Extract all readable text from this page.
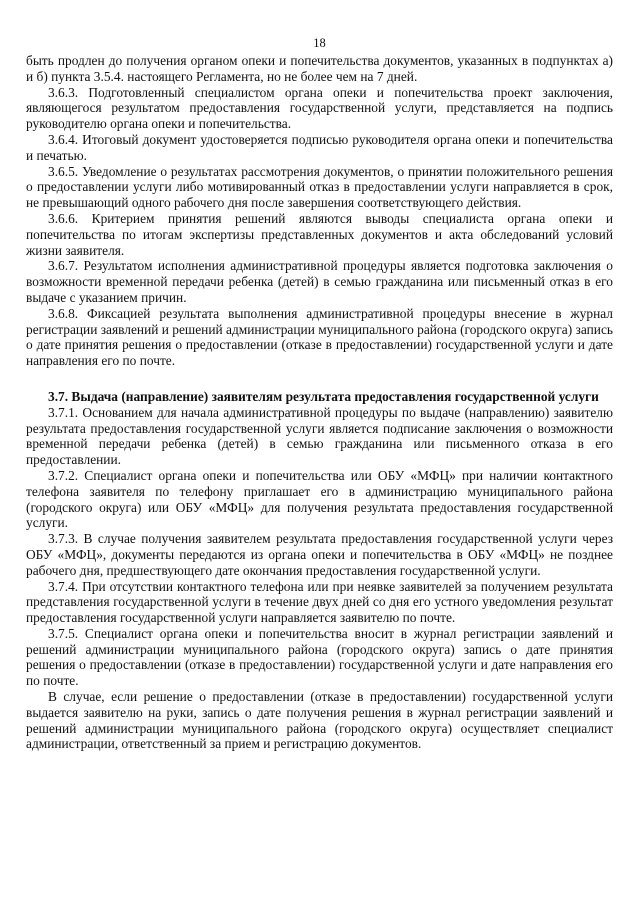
18

быть продлен до получения органом опеки и попечительства документов, указанных в подпунктах а) и б) пункта 3.5.4. настоящего Регламента, но не более чем на 7 дней.

3.6.3. Подготовленный специалистом органа опеки и попечительства проект заключения, являющегося результатом предоставления государственной услуги, представляется на подпись руководителю органа опеки и попечительства.

3.6.4. Итоговый документ удостоверяется подписью руководителя органа опеки и попечительства и печатью.

3.6.5. Уведомление о результатах рассмотрения документов, о принятии положительного решения о предоставлении услуги либо мотивированный отказ в предоставлении услуги направляется в срок, не превышающий одного рабочего дня после завершения соответствующего действия.

3.6.6. Критерием принятия решений являются выводы специалиста органа опеки и попечительства по итогам экспертизы представленных документов и акта обследований условий жизни заявителя.

3.6.7. Результатом исполнения административной процедуры является подготовка заключения о возможности временной передачи ребенка (детей) в семью гражданина или письменный отказ в его выдаче с указанием причин.

3.6.8. Фиксацией результата выполнения административной процедуры внесение в журнал регистрации заявлений и решений администрации муниципального района (городского округа) запись о дате принятия решения о предоставлении (отказе в предоставлении) государственной услуги и дате направления его по почте.

3.7. Выдача (направление) заявителям результата предоставления государственной услуги

3.7.1. Основанием для начала административной процедуры по выдаче (направлению) заявителю результата предоставления государственной услуги является подписание заключения о возможности временной передачи ребенка (детей) в семью гражданина или письменного отказа в его предоставлении.

3.7.2. Специалист органа опеки и попечительства или ОБУ «МФЦ» при наличии контактного телефона заявителя по телефону приглашает его в администрацию муниципального района (городского округа) или ОБУ «МФЦ» для получения результата предоставления государственной услуги.

3.7.3. В случае получения заявителем результата предоставления государственной услуги через ОБУ «МФЦ», документы передаются из органа опеки и попечительства в ОБУ «МФЦ» не позднее рабочего дня, предшествующего дате окончания предоставления государственной услуги.

3.7.4. При отсутствии контактного телефона или при неявке заявителей за получением результата представления государственной услуги в течение двух дней со дня его устного уведомления результат предоставления государственной услуги направляется заявителю по почте.

3.7.5. Специалист органа опеки и попечительства вносит в журнал регистрации заявлений и решений администрации муниципального района (городского округа) запись о дате принятия решения о предоставлении (отказе в предоставлении) государственной услуги и дате направления его по почте.

В случае, если решение о предоставлении (отказе в предоставлении) государственной услуги выдается заявителю на руки, запись о дате получения решения в журнал регистрации заявлений и решений администрации муниципального района (городского округа) осуществляет специалист администрации, ответственный за прием и регистрацию документов.
